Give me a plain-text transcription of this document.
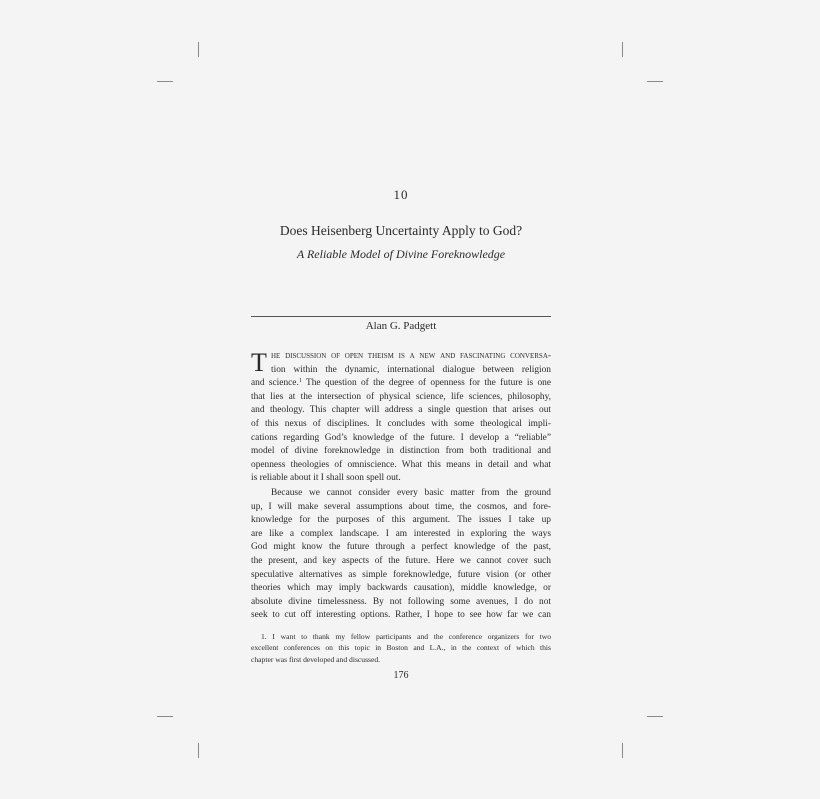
10
Does Heisenberg Uncertainty Apply to God?
A Reliable Model of Divine Foreknowledge
Alan G. Padgett
T he discussion of open theism is a new and fascinating conversa-
tion within the dynamic, international dialogue between religion
and science.$^1$ The question of the degree of openness for the future is one
that lies at the intersection of physical science, life sciences, philosophy,
and theology. This chapter will address a single question that arises out
of this nexus of disciplines. It concludes with some theological impli-
cations regarding God’s knowledge of the future. I develop a “reliable”
model of divine foreknowledge in distinction from both traditional and
openness theologies of omniscience. What this means in detail and what
is reliable about it I shall soon spell out.
Because we cannot consider every basic matter from the ground
up, I will make several assumptions about time, the cosmos, and fore-
knowledge for the purposes of this argument. The issues I take up
are like a complex landscape. I am interested in exploring the ways
God might know the future through a perfect knowledge of the past,
the present, and key aspects of the future. Here we cannot cover such
speculative alternatives as simple foreknowledge, future vision (or other
theories which may imply backwards causation), middle knowledge, or
absolute divine timelessness. By not following some avenues, I do not
seek to cut off interesting options. Rather, I hope to see how far we can
1. I want to thank my fellow participants and the conference organizers for two
excellent conferences on this topic in Boston and L.A., in the context of which this
chapter was first developed and discussed.
176
